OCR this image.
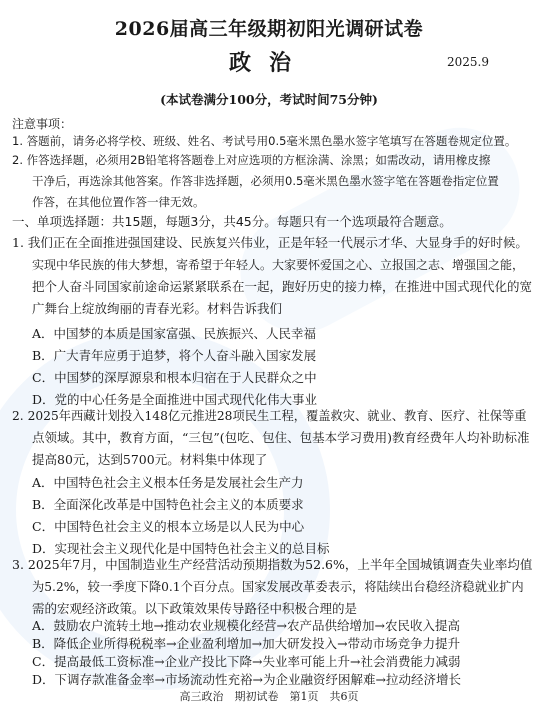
2026届高三年级期初阳光调研试卷
政治	2025.9
(本试卷满分100分，考试时间75分钟)
注意事项：
1. 答题前，请务必将学校、班级、姓名、考试号用0.5毫米黑色墨水签字笔填写在答题卷规定位置。
2. 作答选择题，必须用2B铅笔将答题卷上对应选项的方框涂满、涂黑；如需改动，请用橡皮擦
干净后，再选涂其他答案。作答非选择题，必须用0.5毫米黑色墨水签字笔在答题卷指定位置
作答，在其他位置作答一律无效。
一、单项选择题：共15题，每题3分，共45分。每题只有一个选项最符合题意。
1. 我们正在全面推进强国建设、民族复兴伟业，正是年轻一代展示才华、大显身手的好时候。
实现中华民族的伟大梦想，寄希望于年轻人。大家要怀爱国之心、立报国之志、增强国之能，
把个人奋斗同国家前途命运紧紧联系在一起，跑好历史的接力棒，在推进中国式现代化的宽
广舞台上绽放绚丽的青春光彩。材料告诉我们
A．中国梦的本质是国家富强、民族振兴、人民幸福
B．广大青年应勇于追梦，将个人奋斗融入国家发展
C．中国梦的深厚源泉和根本归宿在于人民群众之中
D．党的中心任务是全面推进中国式现代化伟大事业
2. 2025年西藏计划投入148亿元推进28项民生工程，覆盖救灾、就业、教育、医疗、社保等重
点领域。其中，教育方面，“三包”(包吃、包住、包基本学习费用)教育经费年人均补助标准
提高80元，达到5700元。材料集中体现了
A．中国特色社会主义根本任务是发展社会生产力
B．全面深化改革是中国特色社会主义的本质要求
C．中国特色社会主义的根本立场是以人民为中心
D．实现社会主义现代化是中国特色社会主义的总目标
3. 2025年7月，中国制造业生产经营活动预期指数为52.6%，上半年全国城镇调查失业率均值
为5.2%，较一季度下降0.1个百分点。国家发展改革委表示，将陆续出台稳经济稳就业扩内
需的宏观经济政策。以下政策效果传导路径中积极合理的是
A．鼓励农户流转土地→推动农业规模化经营→农产品供给增加→农民收入提高
B．降低企业所得税税率→企业盈利增加→加大研发投入→带动市场竞争力提升
C．提高最低工资标准→企业产投比下降→失业率可能上升→社会消费能力减弱
D．下调存款准备金率→市场流动性充裕→为企业融资纾困解难→拉动经济增长
高三政治　期初试卷　第1页　共6页
